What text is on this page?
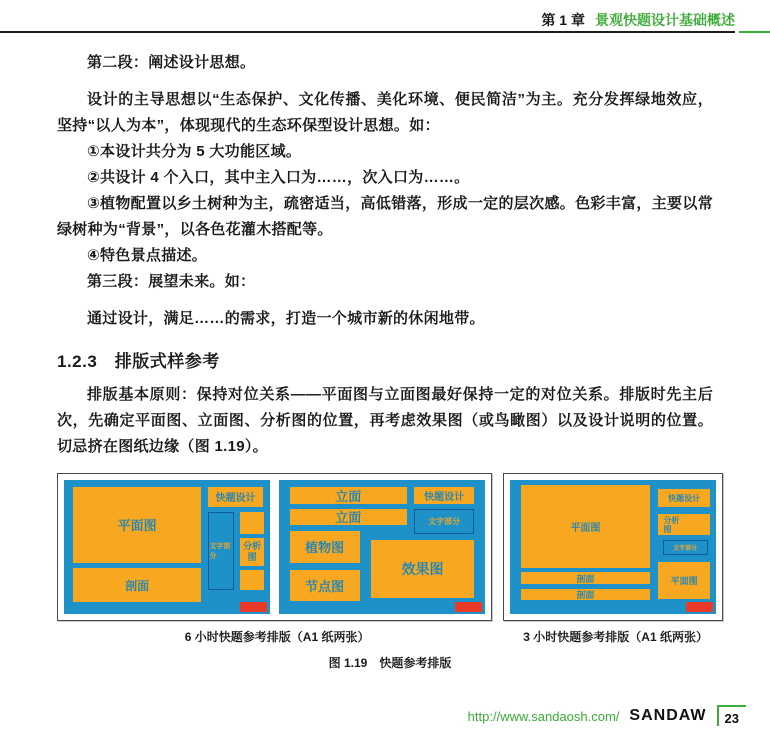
第 1 章 景观快题设计基础概述

第二段：阐述设计思想。

设计的主导思想以“生态保护、文化传播、美化环境、便民简洁”为主。充分发挥绿地效应，坚持“以人为本”，体现现代的生态环保型设计思想。如：

①本设计共分为 5 大功能区域。

②共设计 4 个入口，其中主入口为……，次入口为……。

③植物配置以乡土树种为主，疏密适当，高低错落，形成一定的层次感。色彩丰富，主要以常绿树种为“背景”，以各色花灌木搭配等。

④特色景点描述。

第三段：展望未来。如：

通过设计，满足……的需求，打造一个城市新的休闲地带。

1.2.3　排版式样参考

排版基本原则：保持对位关系——平面图与立面图最好保持一定的对位关系。排版时先主后次，先确定平面图、立面图、分析图的位置，再考虑效果图（或鸟瞰图）以及设计说明的位置。切忌挤在图纸边缘（图 1.19）。

平面图
剖面
快题设计
文字部分
分析图
立面
立面
快题设计
文字部分
植物图
节点图
效果图
平面图
快题设计
分析图
文字部分
剖面
剖面
平面图
6 小时快题参考排版（A1 纸两张）	3 小时快题参考排版（A1 纸两张）
图 1.19　快题参考排版
http://www.sandaosh.com/ SANDAW	23
